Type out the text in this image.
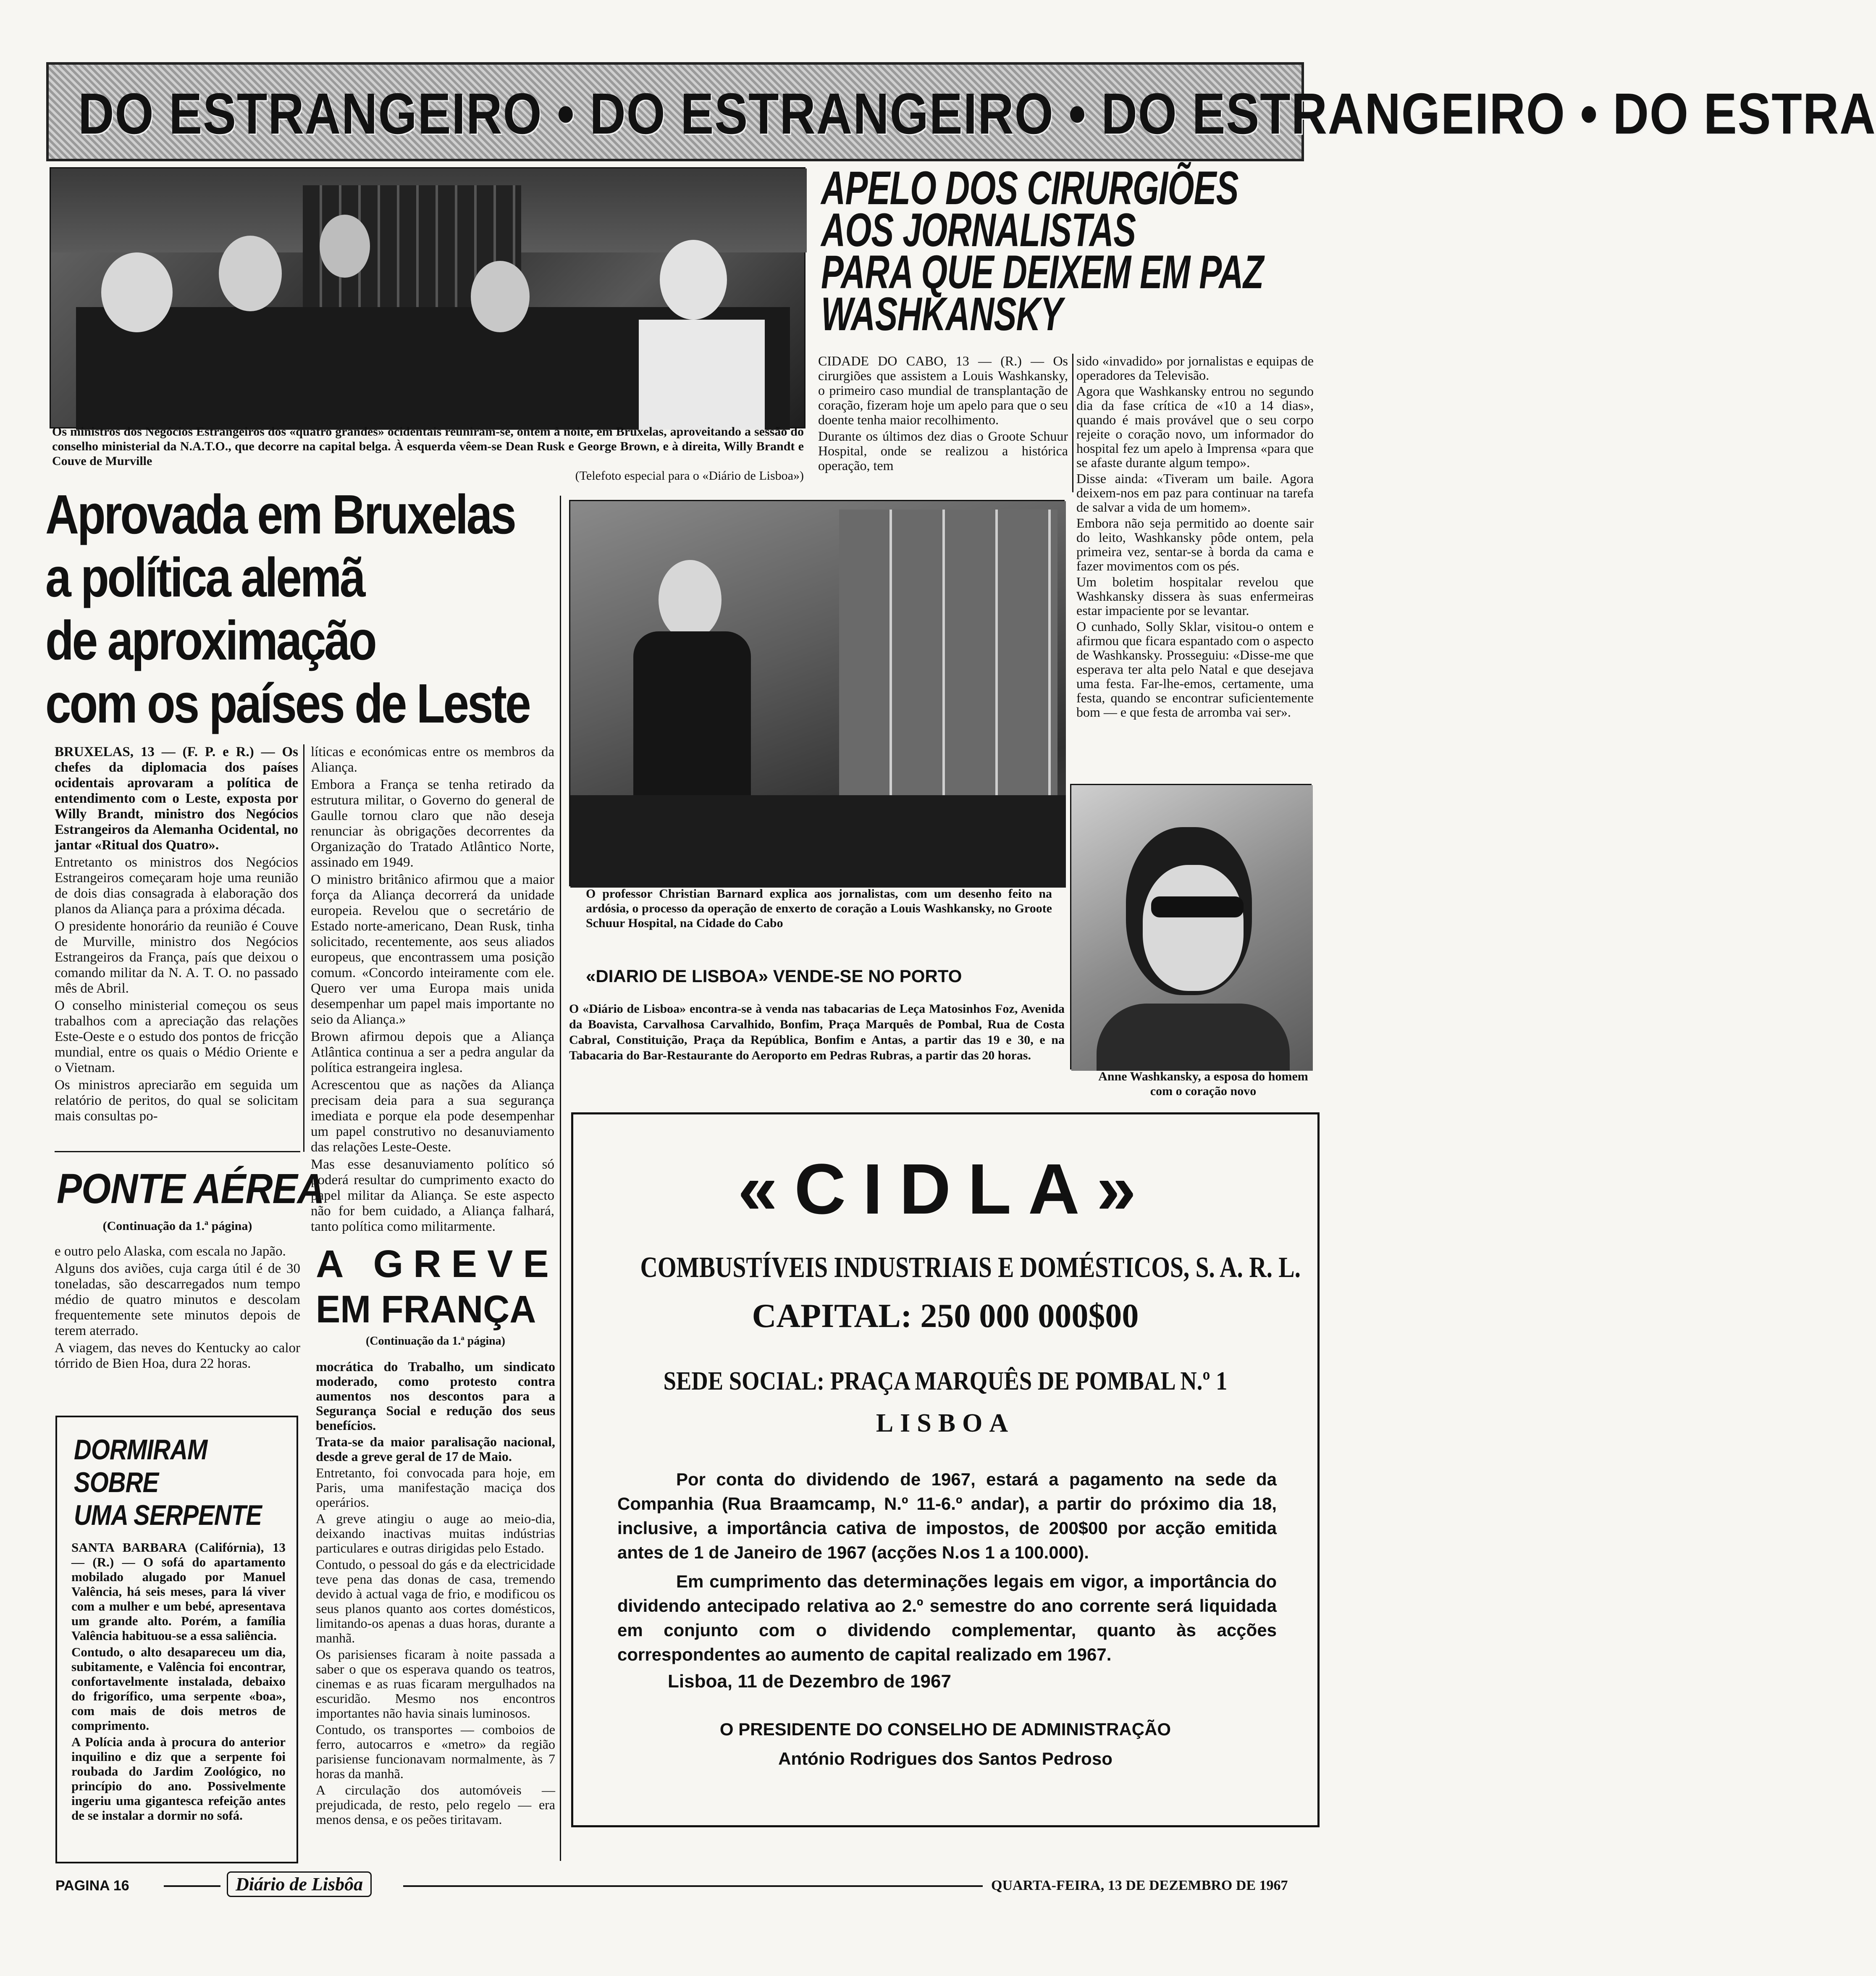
DO ESTRANGEIRO • DO ESTRANGEIRO • DO ESTRANGEIRO • DO ESTRA
Os ministros dos Negócios Estrangeiros dos «quatro grandes» ocidentais reuniram-se, ontem à noite, em Bruxelas, aproveitando a sessão do conselho ministerial da N.A.T.O., que decorre na capital belga. À esquerda vêem-se Dean Rusk e George Brown, e à direita, Willy Brandt e Couve de Murville
(Telefoto especial para o «Diário de Lisboa»)
Aprovada em Bruxelas
a política alemã
de aproximação
com os países de Leste

BRUXELAS, 13 — (F. P. e R.) — Os chefes da diplomacia dos países ocidentais aprovaram a política de entendimento com o Leste, exposta por Willy Brandt, ministro dos Negócios Estrangeiros da Alemanha Ocidental, no jantar «Ritual dos Quatro».

Entretanto os ministros dos Negócios Estrangeiros começaram hoje uma reunião de dois dias consagrada à elaboração dos planos da Aliança para a próxima década.

O presidente honorário da reunião é Couve de Murville, ministro dos Negócios Estrangeiros da França, país que deixou o comando militar da N. A. T. O. no passado mês de Abril.

O conselho ministerial começou os seus trabalhos com a apreciação das relações Este-Oeste e o estudo dos pontos de fricção mundial, entre os quais o Médio Oriente e o Vietnam.

Os ministros apreciarão em seguida um relatório de peritos, do qual se solicitam mais consultas po-

líticas e económicas entre os membros da Aliança.

Embora a França se tenha retirado da estrutura militar, o Governo do general de Gaulle tornou claro que não deseja renunciar às obrigações decorrentes da Organização do Tratado Atlântico Norte, assinado em 1949.

O ministro britânico afirmou que a maior força da Aliança decorrerá da unidade europeia. Revelou que o secretário de Estado norte-americano, Dean Rusk, tinha solicitado, recentemente, aos seus aliados europeus, que encontrassem uma posição comum. «Concordo inteiramente com ele. Quero ver uma Europa mais unida desempenhar um papel mais importante no seio da Aliança.»

Brown afirmou depois que a Aliança Atlântica continua a ser a pedra angular da política estrangeira inglesa.

Acrescentou que as nações da Aliança precisam deia para a sua segurança imediata e porque ela pode desempenhar um papel construtivo no desanuviamento das relações Leste-Oeste.

Mas esse desanuviamento político só poderá resultar do cumprimento exacto do papel militar da Aliança. Se este aspecto não for bem cuidado, a Aliança falhará, tanto política como militarmente.

PONTE AÉREA
(Continuação da 1.ª página)

e outro pelo Alaska, com escala no Japão.

Alguns dos aviões, cuja carga útil é de 30 toneladas, são descarregados num tempo médio de quatro minutos e descolam frequentemente sete minutos depois de terem aterrado.

A viagem, das neves do Kentucky ao calor tórrido de Bien Hoa, dura 22 horas.

DORMIRAM
SOBRE
UMA SERPENTE

SANTA BARBARA (Califórnia), 13 — (R.) — O sofá do apartamento mobilado alugado por Manuel Valência, há seis meses, para lá viver com a mulher e um bebé, apresentava um grande alto. Porém, a família Valência habituou-se a essa saliência.

Contudo, o alto desapareceu um dia, subitamente, e Valência foi encontrar, confortavelmente instalada, debaixo do frigorífico, uma serpente «boa», com mais de dois metros de comprimento.

A Polícia anda à procura do anterior inquilino e diz que a serpente foi roubada do Jardim Zoológico, no princípio do ano. Possivelmente ingeriu uma gigantesca refeição antes de se instalar a dormir no sofá.

A GREVE
EM FRANÇA
(Continuação da 1.ª página)

mocrática do Trabalho, um sindicato moderado, como protesto contra aumentos nos descontos para a Segurança Social e redução dos seus benefícios.

Trata-se da maior paralisação nacional, desde a greve geral de 17 de Maio.

Entretanto, foi convocada para hoje, em Paris, uma manifestação maciça dos operários.

A greve atingiu o auge ao meio-dia, deixando inactivas muitas indústrias particulares e outras dirigidas pelo Estado.

Contudo, o pessoal do gás e da electricidade teve pena das donas de casa, tremendo devido à actual vaga de frio, e modificou os seus planos quanto aos cortes domésticos, limitando-os apenas a duas horas, durante a manhã.

Os parisienses ficaram à noite passada a saber o que os esperava quando os teatros, cinemas e as ruas ficaram mergulhados na escuridão. Mesmo nos encontros importantes não havia sinais luminosos.

Contudo, os transportes — comboios de ferro, autocarros e «metro» da região parisiense funcionavam normalmente, às 7 horas da manhã.

A circulação dos automóveis — prejudicada, de resto, pelo regelo — era menos densa, e os peões tiritavam.

APELO DOS CIRURGIÕES
AOS JORNALISTAS
PARA QUE DEIXEM EM PAZ
WASHKANSKY

CIDADE DO CABO, 13 — (R.) — Os cirurgiões que assistem a Louis Washkansky, o primeiro caso mundial de transplantação de coração, fizeram hoje um apelo para que o seu doente tenha maior recolhimento.

Durante os últimos dez dias o Groote Schuur Hospital, onde se realizou a histórica operação, tem

sido «invadido» por jornalistas e equipas de operadores da Televisão.

Agora que Washkansky entrou no segundo dia da fase crítica de «10 a 14 dias», quando é mais provável que o seu corpo rejeite o coração novo, um informador do hospital fez um apelo à Imprensa «para que se afaste durante algum tempo».

Disse ainda: «Tiveram um baile. Agora deixem-nos em paz para continuar na tarefa de salvar a vida de um homem».

Embora não seja permitido ao doente sair do leito, Washkansky pôde ontem, pela primeira vez, sentar-se à borda da cama e fazer movimentos com os pés.

Um boletim hospitalar revelou que Washkansky dissera às suas enfermeiras estar impaciente por se levantar.

O cunhado, Solly Sklar, visitou-o ontem e afirmou que ficara espantado com o aspecto de Washkansky. Prosseguiu: «Disse-me que esperava ter alta pelo Natal e que desejava uma festa. Far-lhe-emos, certamente, uma festa, quando se encontrar suficientemente bom — e que festa de arromba vai ser».

O professor Christian Barnard explica aos jornalistas, com um desenho feito na ardósia, o processo da operação de enxerto de coração a Louis Washkansky, no Groote Schuur Hospital, na Cidade do Cabo
Anne Washkansky, a esposa do homem com o coração novo
«DIARIO DE LISBOA» VENDE-SE NO PORTO
O «Diário de Lisboa» encontra-se à venda nas tabacarias de Leça Matosinhos Foz, Avenida da Boavista, Carvalhosa Carvalhido, Bonfim, Praça Marquês de Pombal, Rua de Costa Cabral, Constituição, Praça da República, Bonfim e Antas, a partir das 19 e 30, e na Tabacaria do Bar-Restaurante do Aeroporto em Pedras Rubras, a partir das 20 horas.
«CIDLA»
COMBUSTÍVEIS INDUSTRIAIS E DOMÉSTICOS, S. A. R. L.
CAPITAL: 250 000 000$00
SEDE SOCIAL: PRAÇA MARQUÊS DE POMBAL N.º 1
LISBOA
Por conta do dividendo de 1967, estará a pagamento na sede da Companhia (Rua Braamcamp, N.º 11-6.º andar), a partir do próximo dia 18, inclusive, a importância cativa de impostos, de 200$00 por acção emitida antes de 1 de Janeiro de 1967 (acções N.os 1 a 100.000).
Em cumprimento das determinações legais em vigor, a importância do dividendo antecipado relativa ao 2.º semestre do ano corrente será liquidada em conjunto com o dividendo complementar, quanto às acções correspondentes ao aumento de capital realizado em 1967.
Lisboa, 11 de Dezembro de 1967
O PRESIDENTE DO CONSELHO DE ADMINISTRAÇÃO
António Rodrigues dos Santos Pedroso
PAGINA 16	Diário de Lisbôa	QUARTA-FEIRA, 13 DE DEZEMBRO DE 1967
